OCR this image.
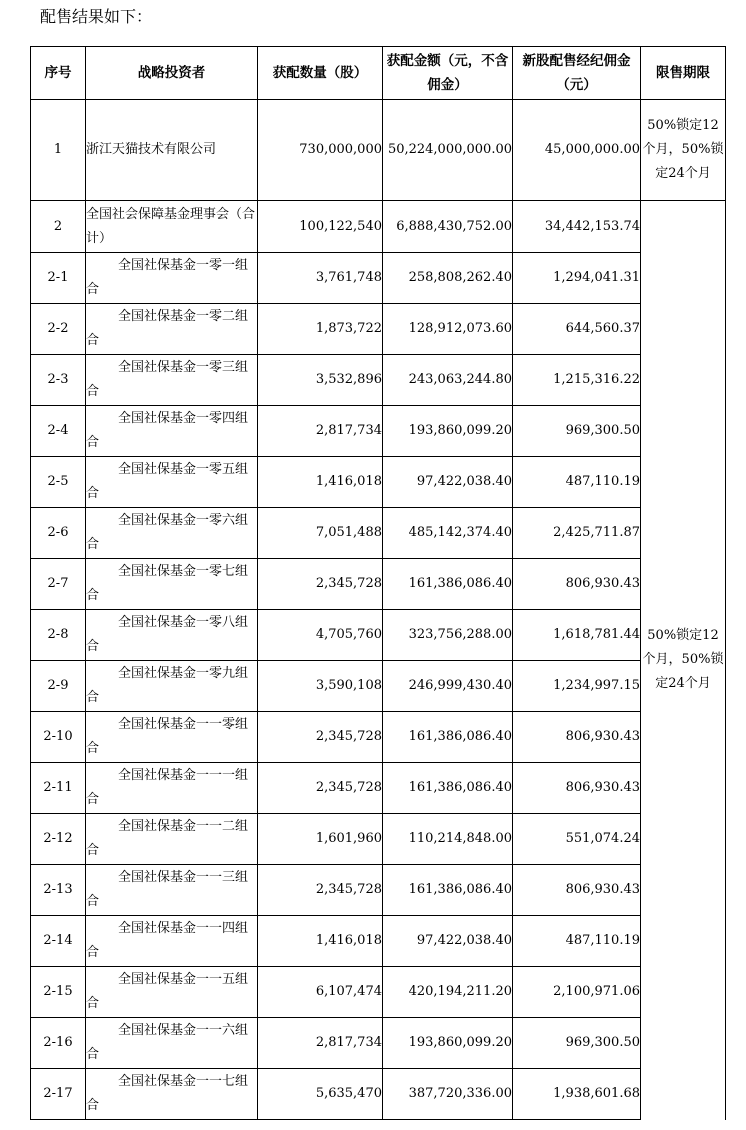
配售结果如下：
序号	战略投资者	获配数量（股）	获配金额（元，不含佣金）	新股配售经纪佣金（元）	限售期限
1	浙江天猫技术有限公司	730,000,000	50,224,000,000.00	45,000,000.00	50%锁定12个月，50%锁定24个月
2	全国社会保障基金理事会（合计）	100,122,540	6,888,430,752.00	34,442,153.74	50%锁定12个月，50%锁定24个月
2-1	全国社保基金一零一组合	3,761,748	258,808,262.40	1,294,041.31	
2-2	全国社保基金一零二组合	1,873,722	128,912,073.60	644,560.37	
2-3	全国社保基金一零三组合	3,532,896	243,063,244.80	1,215,316.22	
2-4	全国社保基金一零四组合	2,817,734	193,860,099.20	969,300.50	
2-5	全国社保基金一零五组合	1,416,018	97,422,038.40	487,110.19	
2-6	全国社保基金一零六组合	7,051,488	485,142,374.40	2,425,711.87	
2-7	全国社保基金一零七组合	2,345,728	161,386,086.40	806,930.43	
2-8	全国社保基金一零八组合	4,705,760	323,756,288.00	1,618,781.44	
2-9	全国社保基金一零九组合	3,590,108	246,999,430.40	1,234,997.15	
2-10	全国社保基金一一零组合	2,345,728	161,386,086.40	806,930.43	
2-11	全国社保基金一一一组合	2,345,728	161,386,086.40	806,930.43	
2-12	全国社保基金一一二组合	1,601,960	110,214,848.00	551,074.24	
2-13	全国社保基金一一三组合	2,345,728	161,386,086.40	806,930.43	
2-14	全国社保基金一一四组合	1,416,018	97,422,038.40	487,110.19	
2-15	全国社保基金一一五组合	6,107,474	420,194,211.20	2,100,971.06	
2-16	全国社保基金一一六组合	2,817,734	193,860,099.20	969,300.50	
2-17	全国社保基金一一七组合	5,635,470	387,720,336.00	1,938,601.68	
